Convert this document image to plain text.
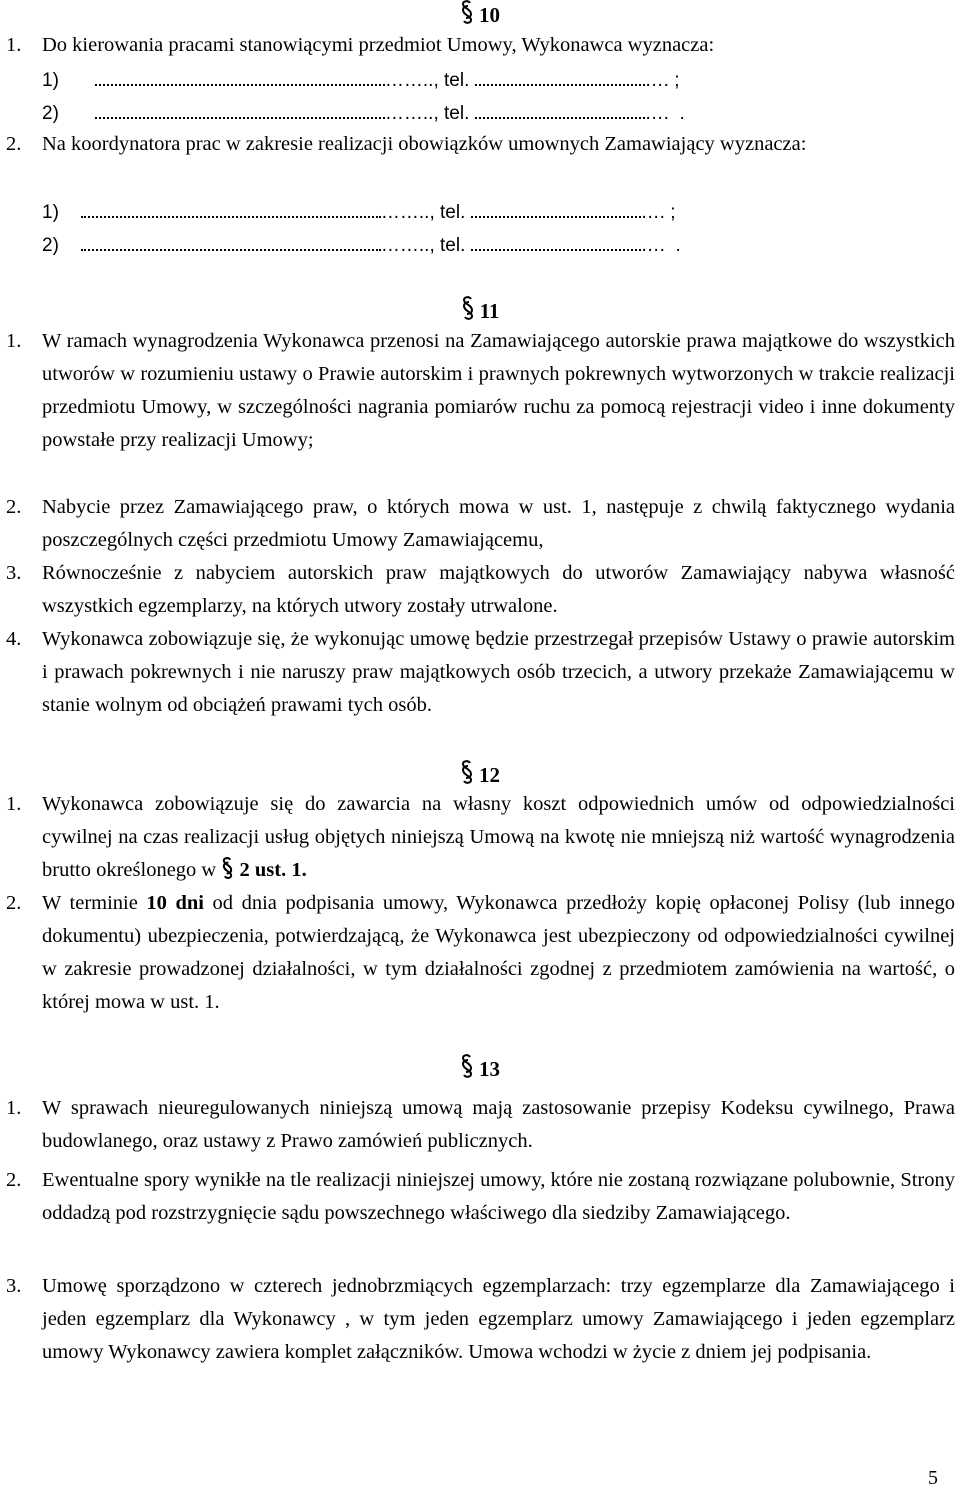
10
1. Do kierowania pracami stanowiącymi przedmiot Umowy, Wykonawca wyznacza:
1)	…….., tel.	…. ;
2)	…….., tel.	….  .
2. Na koordynatora prac w zakresie realizacji obowiązków umownych Zamawiający wyznacza:
1)	…….., tel.	…. ;
2)	…….., tel.	….  .
11
1. W ramach wynagrodzenia Wykonawca przenosi na Zamawiającego autorskie prawa majątkowe do wszystkich utworów w rozumieniu ustawy o Prawie autorskim i prawnych pokrewnych wytworzonych w trakcie realizacji przedmiotu Umowy, w szczególności nagrania pomiarów ruchu za pomocą rejestracji video i inne dokumenty powstałe przy realizacji Umowy;
2. Nabycie przez Zamawiającego praw, o których mowa w ust. 1, następuje z chwilą faktycznego wydania poszczególnych części przedmiotu Umowy Zamawiającemu,
3. Równocześnie z nabyciem autorskich praw majątkowych do utworów Zamawiający nabywa własność wszystkich egzemplarzy, na których utwory zostały utrwalone.
4. Wykonawca zobowiązuje się, że wykonując umowę będzie przestrzegał przepisów Ustawy o prawie autorskim i prawach pokrewnych i nie naruszy praw majątkowych osób trzecich, a utwory przekaże Zamawiającemu w stanie wolnym od obciążeń prawami tych osób.
12
1. Wykonawca zobowiązuje się do zawarcia na własny koszt odpowiednich umów od odpowiedzialności cywilnej na czas realizacji usług objętych niniejszą Umową na kwotę nie mniejszą niż wartość wynagrodzenia brutto określonego w 2 ust. 1.
2. W terminie 10 dni od dnia podpisania umowy, Wykonawca przedłoży kopię opłaconej Polisy (lub innego dokumentu) ubezpieczenia, potwierdzającą, że Wykonawca jest ubezpieczony od odpowiedzialności cywilnej w zakresie prowadzonej działalności, w tym działalności zgodnej z przedmiotem zamówienia na wartość, o której mowa w ust. 1.
13
1. W sprawach nieuregulowanych niniejszą umową mają zastosowanie przepisy Kodeksu cywilnego, Prawa budowlanego, oraz ustawy z Prawo zamówień publicznych.
2. Ewentualne spory wynikłe na tle realizacji niniejszej umowy, które nie zostaną rozwiązane polubownie, Strony oddadzą pod rozstrzygnięcie sądu powszechnego właściwego dla siedziby Zamawiającego.
3. Umowę sporządzono w czterech jednobrzmiących egzemplarzach: trzy egzemplarze dla Zamawiającego i jeden egzemplarz dla Wykonawcy , w tym jeden egzemplarz umowy Zamawiającego i jeden egzemplarz umowy Wykonawcy zawiera komplet załączników. Umowa wchodzi w życie z dniem jej podpisania.
5
